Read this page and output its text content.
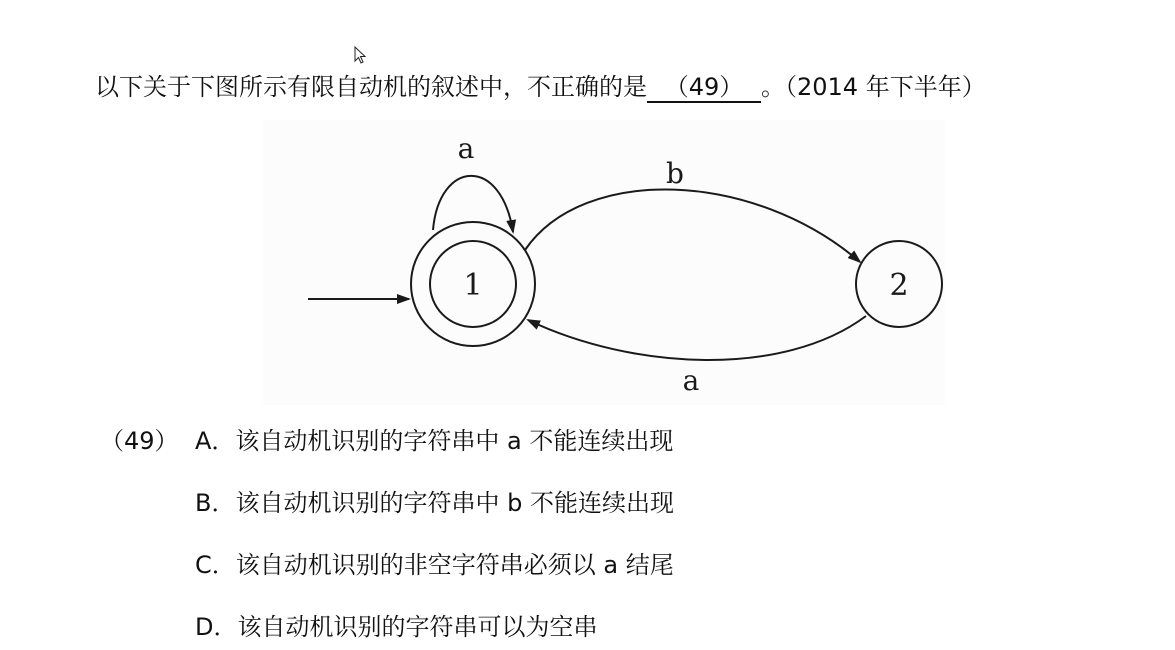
以下关于下图所示有限自动机的叙述中，不正确的是 （49） 。（2014 年下半年）
1	2
a
b
a
（49） A．该自动机识别的字符串中 a 不能连续出现
B．该自动机识别的字符串中 b 不能连续出现
C．该自动机识别的非空字符串必须以 a 结尾
D．该自动机识别的字符串可以为空串
